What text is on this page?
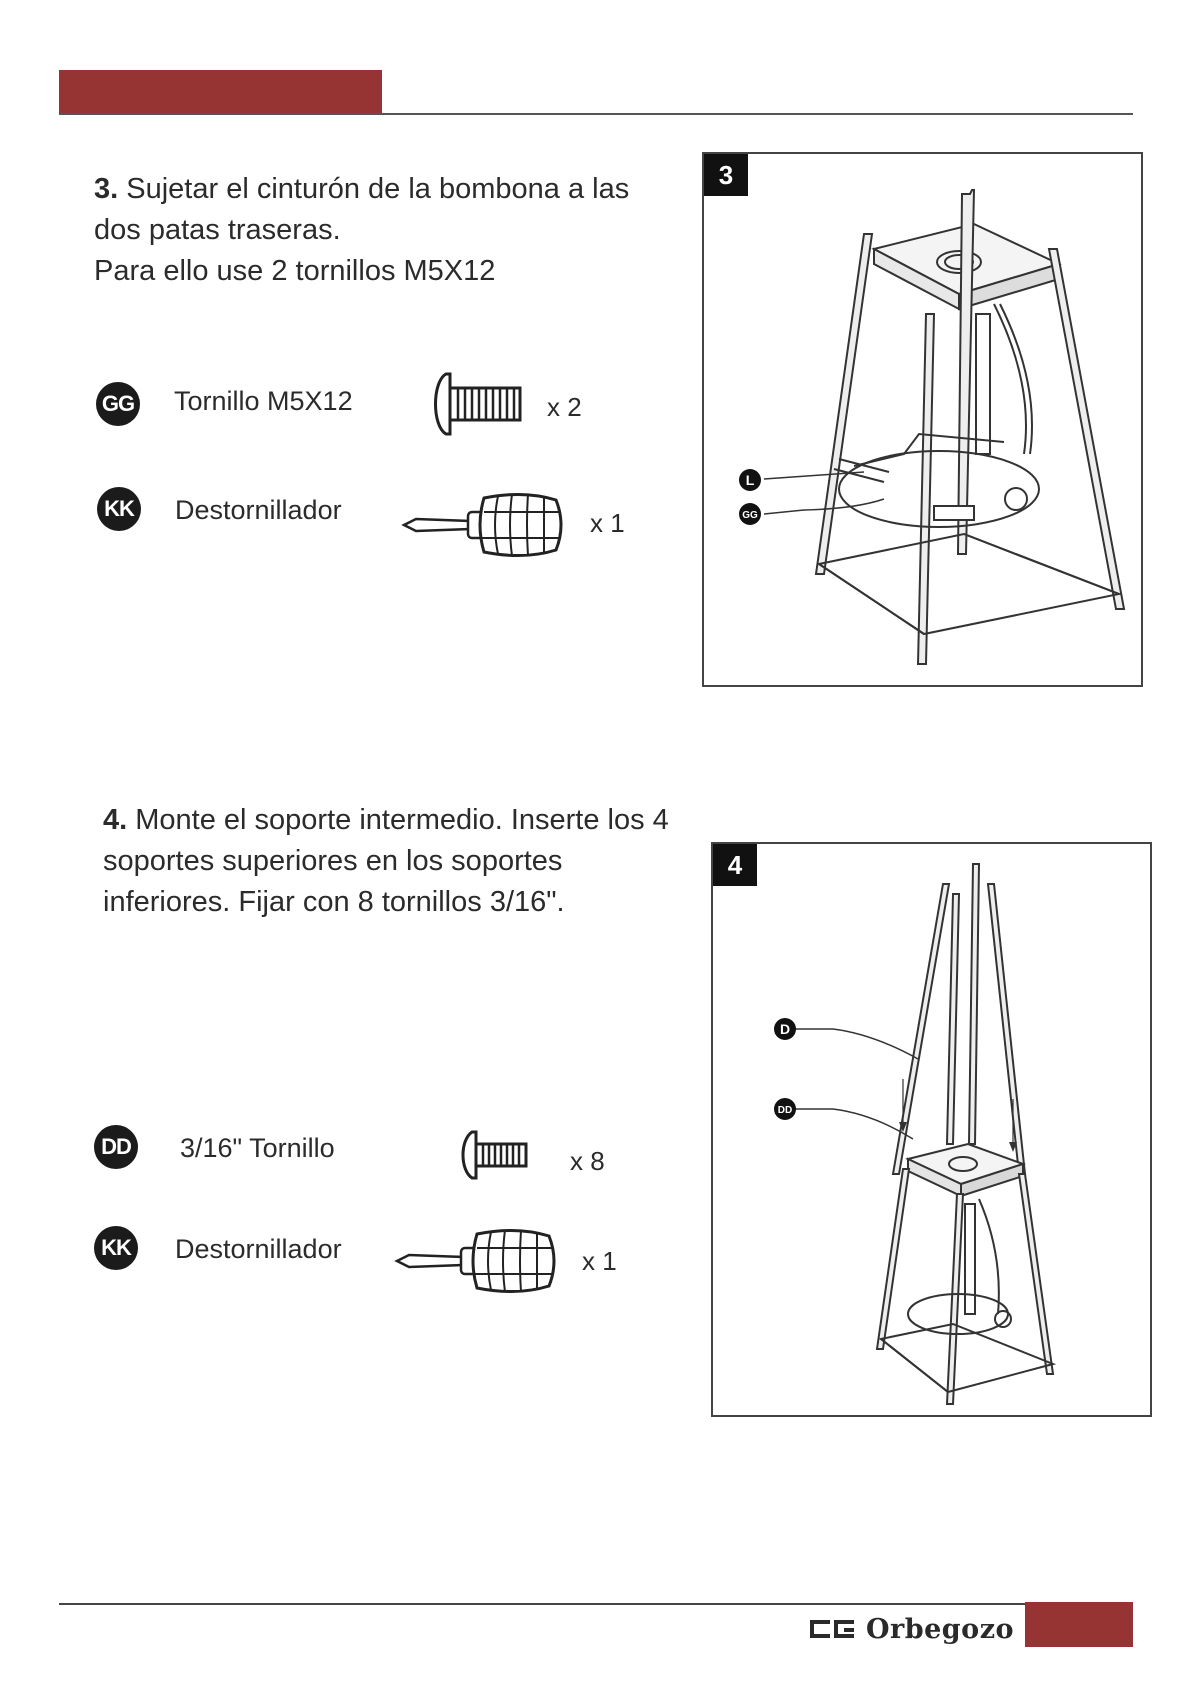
3. Sujetar el cinturón de la bombona a las
dos patas traseras.
Para ello use 2 tornillos M5X12
GG Tornillo M5X12	x 2
KK Destornillador	x 1
3
L
GG
4. Monte el soporte intermedio. Inserte los 4
soportes superiores en los soportes
inferiores. Fijar con 8 tornillos 3/16".
DD 3/16" Tornillo	x 8
KK Destornillador	x 1
4
D
DD
Orbegozo
